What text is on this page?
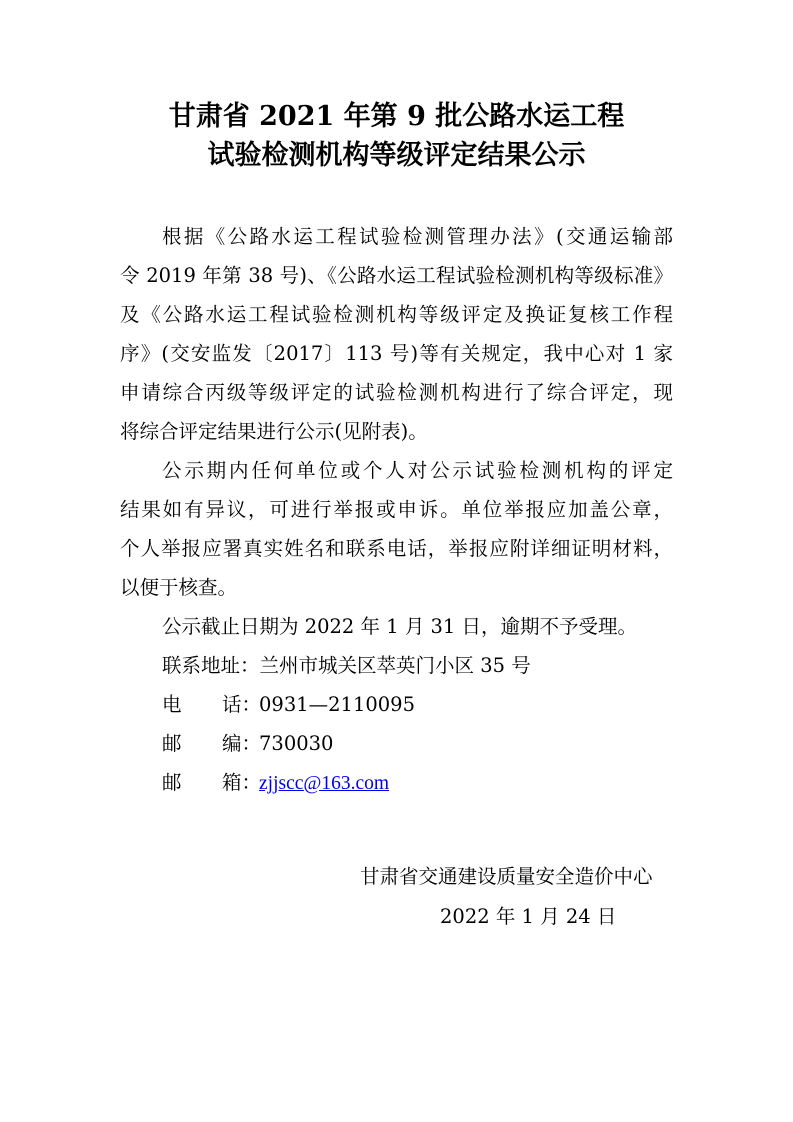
甘肃省 2021 年第 9 批公路水运工程
试验检测机构等级评定结果公示
根据《公路水运工程试验检测管理办法》(交通运输部
令 2019 年第 38 号)、《公路水运工程试验检测机构等级标准》
及《公路水运工程试验检测机构等级评定及换证复核工作程
序》(交安监发〔2017〕113 号)等有关规定，我中心对 1 家
申请综合丙级等级评定的试验检测机构进行了综合评定，现
将综合评定结果进行公示(见附表)。
公示期内任何单位或个人对公示试验检测机构的评定
结果如有异议，可进行举报或申诉。单位举报应加盖公章，
个人举报应署真实姓名和联系电话，举报应附详细证明材料，
以便于核查。
公示截止日期为 2022 年 1 月 31 日，逾期不予受理。
联系地址：兰州市城关区萃英门小区 35 号
电 话：0931—2110095
邮 编：730030
邮 箱：zjjscc@163.com
甘肃省交通建设质量安全造价中心
2022 年 1 月 24 日
